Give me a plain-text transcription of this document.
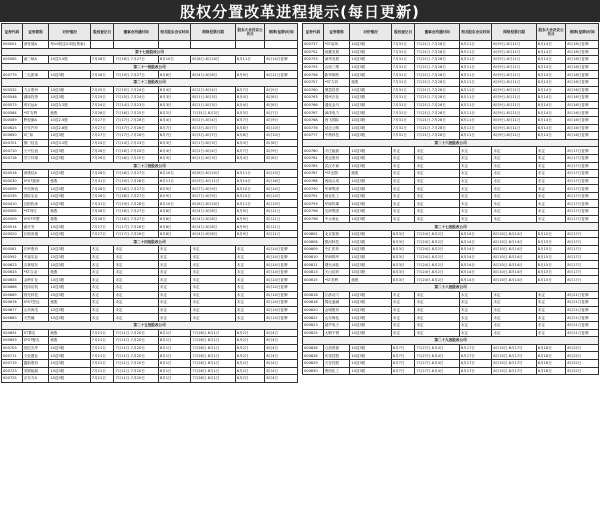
股权分置改革进程提示(每日更新)
证券代码	证券简称	对价情况	股权登记日	董事会沟通时间	相关股东会议时间	网络投票日期	股东大会决议公告日	停牌(复牌)时间
000001	深发展A	每10股送3.5股(预案)						
第十七批股改公司								
000565	渝三峡A	10送3.5股	7月28日	7月18日-7月27日	8月10日	8月8日-8月10日	8月11日	8月14日复牌
第二十一批股改公司								
000779	三毛派神	10送3股	7月28日	7月19日-7月27日	8月8日	8月4日-8月8日	8月9日	8月11日复牌
第二十二批股改公司								
000532	力合股份	10送3股	7月25日	7月15日-7月24日	8月4日	8月2日-8月4日	8月7日	8月9日
000548	湖南投资	10送3股	7月25日	7月15日-7月24日	8月3日	8月1日-8月3日	8月4日	8月8日
000573	粤宏远A	10送3.2股	7月24日	7月14日-7月23日	8月3日	8月1日-8月3日	8月4日	8月8日
000584	*ST友利	缩股	7月26日	7月16日-7月25日	8月2日	7月31日-8月2日	8月3日	8月7日
000589	黔轮胎A	10送2.5股	7月27日	7月17日-7月26日	8月4日	8月2日-8月4日	8月7日	8月9日
000625	长安汽车	10送2.8股	7月27日	7月17日-7月26日	8月7日	8月3日-8月7日	8月8日	8月10日
000650	S仁和	10送3股	7月27日	7月17日-7月26日	8月7日	8月3日-8月7日	8月8日	8月10日
000701	厦门信达	10送3.2股	7月24日	7月14日-7月23日	8月3日	8月1日-8月3日	8月4日	8月8日
000710	天兴仪表	10送3股	7月26日	7月16日-7月25日	8月4日	8月2日-8月4日	8月7日	8月9日
000718	苏宁环球	10送3股	7月26日	7月16日-7月25日	8月3日	8月1日-8月3日	8月4日	8月8日
第二十三批股改公司								
000016	深康佳A	10送3股	7月28日	7月18日-7月27日	8月10日	8月8日-8月10日	8月11日	8月15日
000030	S*ST盛润	缩股	7月31日	7月19日-7月28日	8月11日	8月9日-8月11日	8月14日	8月16日
000099	中信海直	10送3股	7月28日	7月18日-7月27日	8月9日	8月7日-8月9日	8月10日	8月14日
000159	国际实业	10送3股	7月28日	7月18日-7月27日	8月9日	8月7日-8月9日	8月10日	8月14日
000410	沈阳机床	10送3股	7月31日	7月19日-7月28日	8月10日	8月8日-8月10日	8月11日	8月15日
000505	*ST珠江	缩股	7月28日	7月18日-7月27日	8月8日	8月4日-8月8日	8月9日	8月11日
000509	S*ST华塑	缩股	7月28日	7月18日-7月27日	8月8日	8月4日-8月8日	8月9日	8月11日
000514	渝开发	10送3股	7月27日	7月17日-7月26日	8月8日	8月4日-8月8日	8月9日	8月11日
000520	长航凤凰	10送3股	7月27日	7月17日-7月26日	8月8日	8月4日-8月8日	8月9日	8月11日
第二十四批股改公司								
000561	长岭股份	10送3股	未定	未定	未定	未定	未定	8月14日复牌
000592	中福实业	10送3股	未定	未定	未定	未定	未定	8月14日复牌
000623	吉林敖东	10送3股	未定	未定	未定	未定	未定	8月14日复牌
000633	*ST合金	缩股	未定	未定	未定	未定	未定	8月14日复牌
000655	金岭矿业	10送3股	未定	未定	未定	未定	未定	8月14日复牌
000666	经纬纺机	10送3股	未定	未定	未定	未定	未定	8月14日复牌
000669	领先科技	10送3股	未定	未定	未定	未定	未定	8月14日复牌
000676	S*ST思达	缩股	未定	未定	未定	未定	未定	8月14日复牌
000677	山东海龙	10送3股	未定	未定	未定	未定	未定	8月14日复牌
000683	天然碱	10送3股	未定	未定	未定	未定	未定	8月14日复牌
第二十五批股改公司								
000691	ST寰岛	缩股	7月21日	7月11日-7月20日	8月1日	7月28日-8月1日	8月2日	8月4日
000693	S*ST聚友	缩股	7月21日	7月11日-7月20日	8月1日	7月28日-8月1日	8月2日	8月4日
000703	世纪光华	10送3股	7月21日	7月11日-7月20日	8月1日	7月28日-8月1日	8月2日	8月4日
000711	天伦置业	10送3股	7月21日	7月11日-7月20日	8月1日	7月28日-8月1日	8月2日	8月4日
000719	鑫新股份	10送3股	7月21日	7月11日-7月20日	8月1日	7月28日-8月1日	8月2日	8月4日
000723	美锦能源	10送3股	7月21日	7月11日-7月20日	8月1日	7月28日-8月1日	8月2日	8月4日
000725	京东方A	10送3股	7月21日	7月11日-7月20日	8月1日	7月28日-8月1日	8月2日	8月4日
证券代码	证券简称	对价情况	股权登记日	董事会沟通时间	相关股东会议时间	网络投票日期	股东大会决议公告日	停牌(复牌)时间
000737	*ST南风	10送3股	7月31日	7月21日-7月28日	8月11日	8月9日-8月11日	8月14日	8月16日复牌
000752	西藏发展	10送3股	7月31日	7月21日-7月28日	8月11日	8月9日-8月11日	8月14日	8月16日复牌
000753	漳州发展	10送3股	7月31日	7月21日-7月28日	8月11日	8月9日-8月11日	8月14日	8月16日复牌
000755	山西三维	10送3股	7月31日	7月21日-7月28日	8月11日	8月9日-8月11日	8月14日	8月16日复牌
000756	新华制药	10送3股	7月31日	7月21日-7月28日	8月11日	8月9日-8月11日	8月14日	8月16日复牌
000757	*ST方向	缩股	7月31日	7月21日-7月28日	8月11日	8月9日-8月11日	8月14日	8月16日复牌
000760	博盈投资	10送3股	7月31日	7月21日-7月28日	8月11日	8月9日-8月11日	8月14日	8月16日复牌
000763	锦州石化	10送3股	7月31日	7月21日-7月28日	8月11日	8月9日-8月11日	8月14日	8月16日复牌
000766	通化金马	10送3股	7月31日	7月21日-7月28日	8月11日	8月9日-8月11日	8月14日	8月16日复牌
000767	漳泽电力	10送3股	7月31日	7月21日-7月28日	8月11日	8月9日-8月11日	8月14日	8月16日复牌
000768	西飞国际	10送3股	7月31日	7月21日-7月28日	8月11日	8月9日-8月11日	8月14日	8月16日复牌
000776	延边公路	10送3股	7月31日	7月21日-7月28日	8月11日	8月9日-8月11日	8月14日	8月16日复牌
000777	中核科技	10送3股	7月31日	7月21日-7月28日	8月11日	8月9日-8月11日	8月14日	8月16日复牌
第二十六批股改公司								
000780	平庄能源	10送3股	未定	未定	未定	未定	未定	8月17日复牌
000782	美达股份	10送3股	未定	未定	未定	未定	未定	8月17日复牌
000785	武汉中商	10送3股	未定	未定	未定	未定	未定	8月17日复牌
000787	*ST创智	缩股	未定	未定	未定	未定	未定	8月17日复牌
000788	西南合成	10送3股	未定	未定	未定	未定	未定	8月17日复牌
000790	华神集团	10送3股	未定	未定	未定	未定	未定	8月17日复牌
000791	西北化工	10送3股	未定	未定	未定	未定	未定	8月17日复牌
000793	华闻传媒	10送3股	未定	未定	未定	未定	未定	8月17日复牌
000796	宝商集团	10送3股	未定	未定	未定	未定	未定	8月17日复牌
000798	中水渔业	10送3股	未定	未定	未定	未定	未定	8月17日复牌
第二十七批股改公司								
000802	北京旅游	10送3股	8月3日	7月24日-8月2日	8月14日	8月10日-8月14日	8月15日	8月17日
000806	银河科技	10送3股	8月3日	7月24日-8月2日	8月14日	8月10日-8月14日	8月15日	8月17日
000809	中汇医药	10送3股	8月3日	7月24日-8月2日	8月14日	8月10日-8月14日	8月15日	8月17日
000810	华润锦华	10送3股	8月3日	7月24日-8月2日	8月14日	8月10日-8月14日	8月15日	8月17日
000811	烟台冰轮	10送3股	8月3日	7月24日-8月2日	8月14日	8月10日-8月14日	8月15日	8月17日
000813	天山纺织	10送3股	8月3日	7月24日-8月2日	8月14日	8月10日-8月14日	8月15日	8月17日
000815	*ST美利	缩股	8月3日	7月24日-8月2日	8月14日	8月10日-8月14日	8月15日	8月17日
第二十八批股改公司								
000816	江淮动力	10送3股	未定	未定	未定	未定	未定	8月21日复牌
000818	锦化氯碱	10送3股	未定	未定	未定	未定	未定	8月21日复牌
000820	金城股份	10送3股	未定	未定	未定	未定	未定	8月21日复牌
000822	山东海化	10送3股	未定	未定	未定	未定	未定	8月21日复牌
000823	超声电子	10送3股	未定	未定	未定	未定	未定	8月21日复牌
000825	太钢不锈	10送3股	未定	未定	未定	未定	未定	8月21日复牌
第二十九批股改公司								
000826	合加资源	10送3股	8月7日	7月27日-8月4日	8月17日	8月15日-8月17日	8月18日	8月22日
000828	东莞控股	10送3股	8月7日	7月27日-8月4日	8月17日	8月15日-8月17日	8月18日	8月22日
000829	天音控股	10送3股	8月7日	7月27日-8月4日	8月17日	8月15日-8月17日	8月18日	8月22日
000830	鲁西化工	10送3股	8月7日	7月27日-8月4日	8月17日	8月15日-8月17日	8月18日	8月22日
